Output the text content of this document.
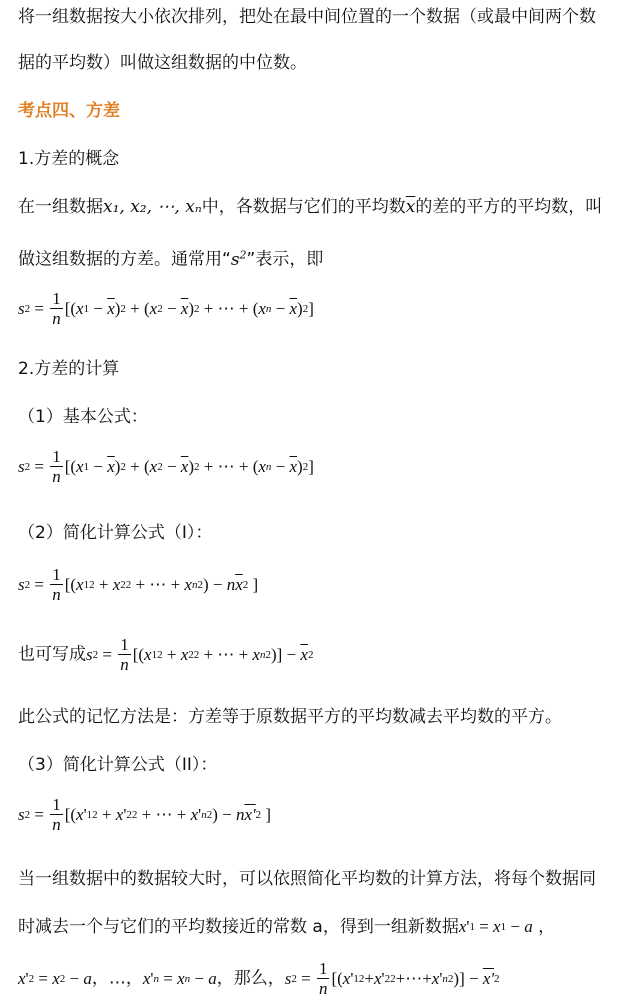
将一组数据按大小依次排列，把处在最中间位置的一个数据（或最中间两个数
据的平均数）叫做这组数据的中位数。
考点四、方差
1.方差的概念
在一组数据x₁, x₂, ⋯, xₙ中，各数据与它们的平均数$\overline{x}$的差的平方的平均数，叫
做这组数据的方差。通常用“$s^2$”表示，即
s $2 = \frac{1}{n}$ [( x $1 - \overline{x}$ ) 2 + ( x $2 - \overline{x}$ ) 2 + ⋯ + ( x $n - \overline{x}$ ) 2 ]
2.方差的计算
（1）基本公式：
s $2 = \frac{1}{n}$ [( x $1 - \overline{x}$ ) 2 + ( x $2 - \overline{x}$ ) 2 + ⋯ + ( x $n - \overline{x}$ ) 2 ]
（2）简化计算公式（I）：
s $2 = \frac{1}{n}$ [( x 1 2 + x 2 2 + ⋯ + x n 2 ) − n $\overline{x}$ 2 ]
也可写成 s $2 = \frac{1}{n}$ [( x 1 2 + x 2 2 + ⋯ + x n 2 )] − $\overline{x}$ 2
此公式的记忆方法是：方差等于原数据平方的平均数减去平均数的平方。
（3）简化计算公式（II）：
s $2 = \frac{1}{n}$ [( x ' 1 2 + x ' 2 2 + ⋯ + x ' n 2 ) − n x' 2 ]
当一组数据中的数据较大时，可以依照简化平均数的计算方法，将每个数据同
时减去一个与它们的平均数接近的常数 a，得到一组新数据 x ' 1 = x 1 − a ，
x ' 2 = x 2 − a ，…， x ' n = x n − a ，那么， s $2 = \frac{1}{n}$ [( x ' 1 2 + x ' 2 2 +⋯+ x ' n 2 )] − x' 2
